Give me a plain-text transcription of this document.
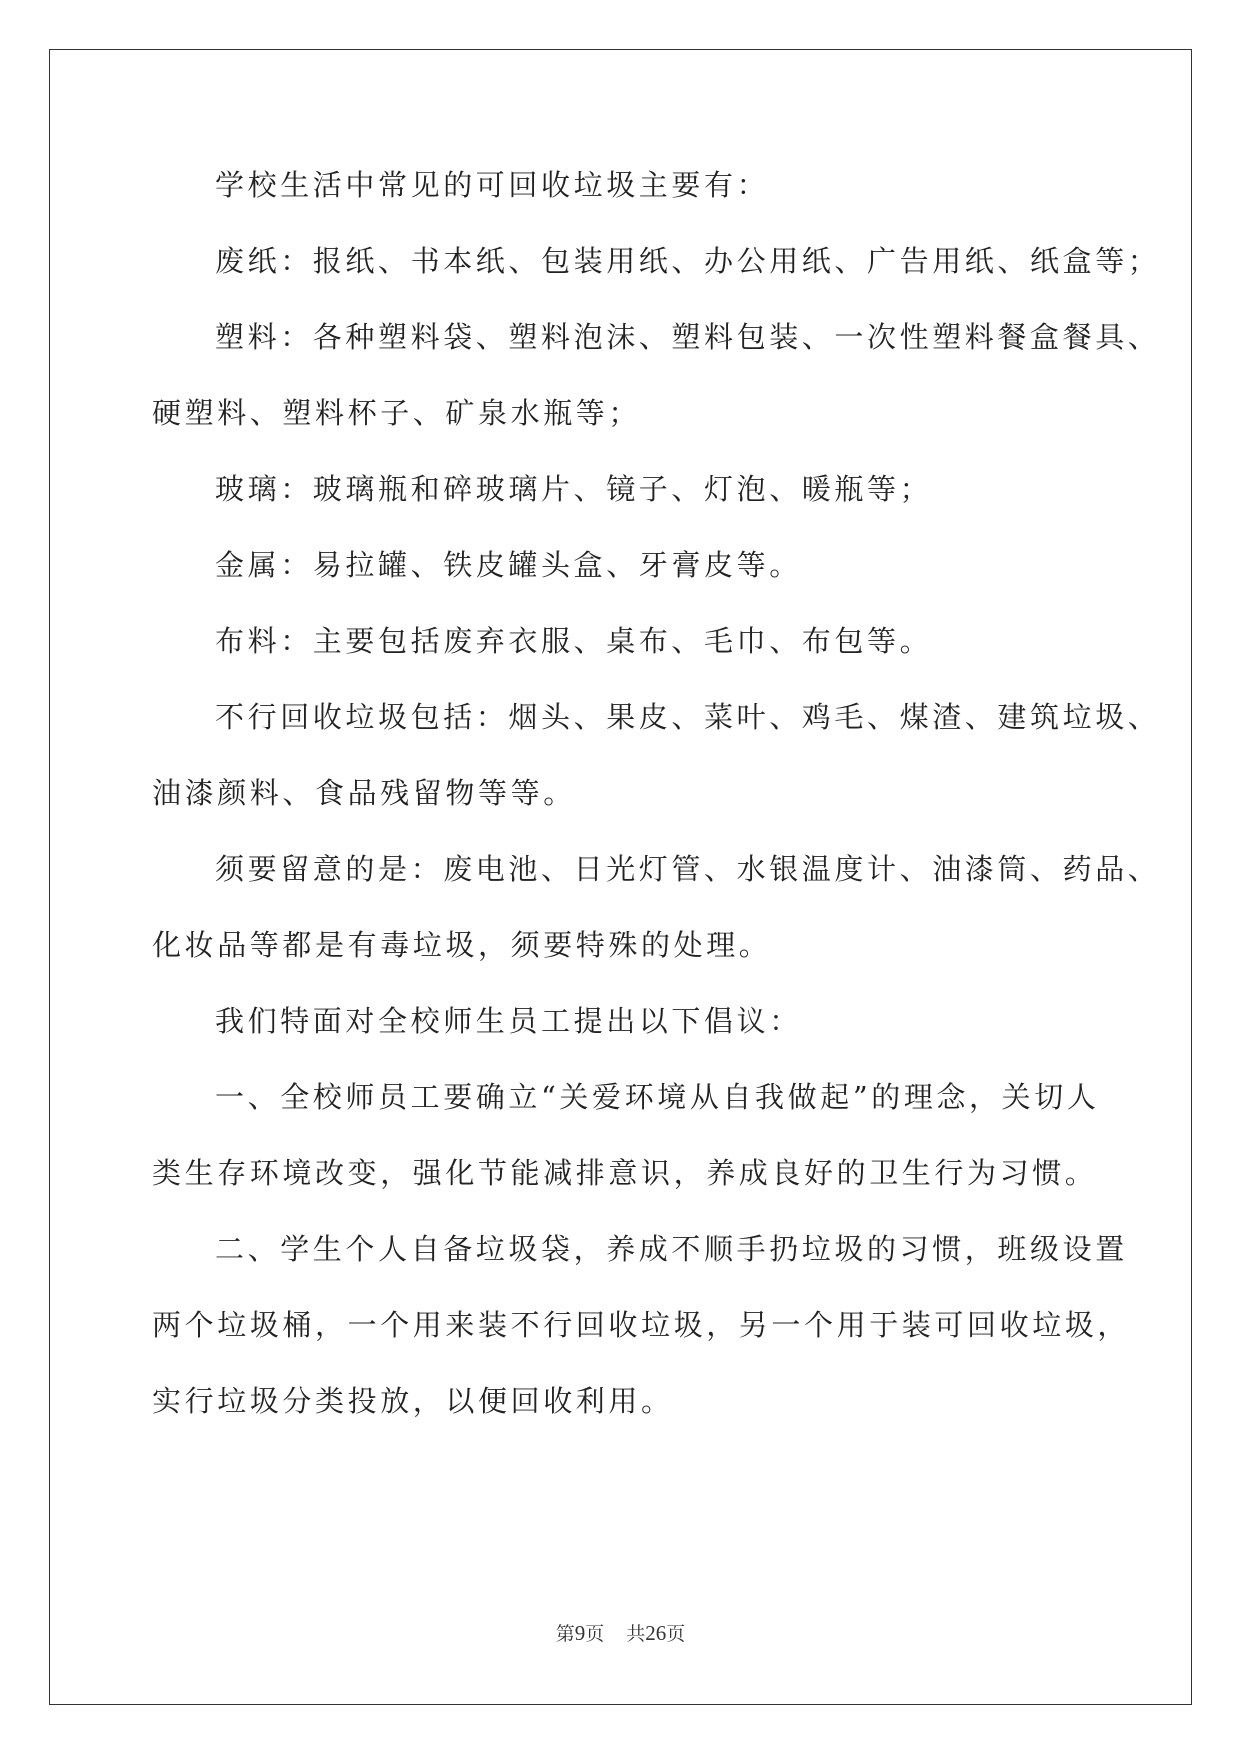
学校生活中常见的可回收垃圾主要有：
废纸：报纸、书本纸、包装用纸、办公用纸、广告用纸、纸盒等；
塑料：各种塑料袋、塑料泡沫、塑料包装、一次性塑料餐盒餐具、
硬塑料、塑料杯子、矿泉水瓶等；
玻璃：玻璃瓶和碎玻璃片、镜子、灯泡、暖瓶等；
金属：易拉罐、铁皮罐头盒、牙膏皮等。
布料：主要包括废弃衣服、桌布、毛巾、布包等。
不行回收垃圾包括：烟头、果皮、菜叶、鸡毛、煤渣、建筑垃圾、
油漆颜料、食品残留物等等。
须要留意的是：废电池、日光灯管、水银温度计、油漆筒、药品、
化妆品等都是有毒垃圾，须要特殊的处理。
我们特面对全校师生员工提出以下倡议：
一、全校师员工要确立“关爱环境从自我做起”的理念，关切人
类生存环境改变，强化节能减排意识，养成良好的卫生行为习惯。
二、学生个人自备垃圾袋，养成不顺手扔垃圾的习惯，班级设置
两个垃圾桶，一个用来装不行回收垃圾，另一个用于装可回收垃圾，
实行垃圾分类投放，以便回收利用。
第9页 共26页
